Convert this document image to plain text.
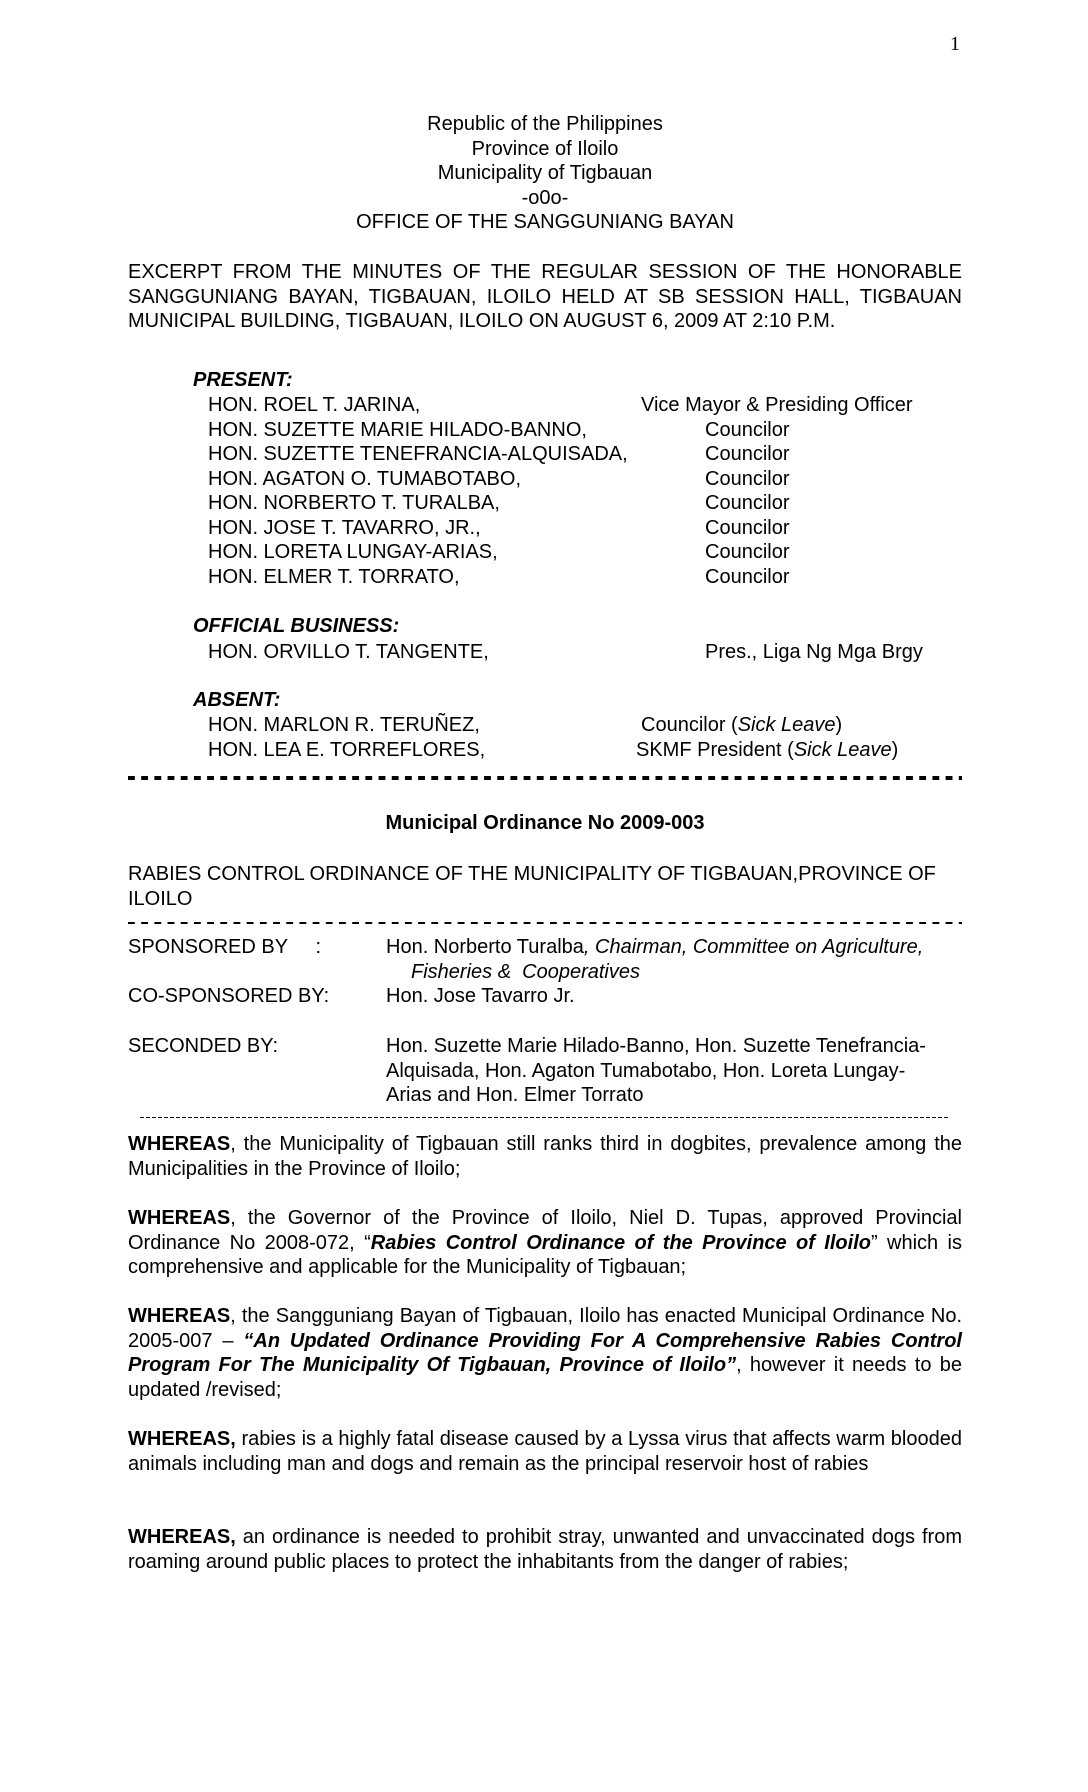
1
Republic of the Philippines
Province of Iloilo
Municipality of Tigbauan
-o0o-
OFFICE OF THE SANGGUNIANG BAYAN
EXCERPT FROM THE MINUTES OF THE REGULAR SESSION OF THE HONORABLE SANGGUNIANG BAYAN, TIGBAUAN, ILOILO HELD AT SB SESSION HALL, TIGBAUAN MUNICIPAL BUILDING, TIGBAUAN, ILOILO ON AUGUST 6, 2009 AT 2:10 P.M.
PRESENT:
HON. ROEL T. JARINA,	Vice Mayor & Presiding Officer
HON. SUZETTE MARIE HILADO-BANNO,	Councilor
HON. SUZETTE TENEFRANCIA-ALQUISADA,	Councilor
HON. AGATON O. TUMABOTABO,	Councilor
HON. NORBERTO T. TURALBA,	Councilor
HON. JOSE T. TAVARRO, JR.,	Councilor
HON. LORETA LUNGAY-ARIAS,	Councilor
HON. ELMER T. TORRATO,	Councilor
OFFICIAL BUSINESS:
HON. ORVILLO T. TANGENTE,	Pres., Liga Ng Mga Brgy
ABSENT:
HON. MARLON R. TERUÑEZ,	Councilor (Sick Leave)
HON. LEA E. TORREFLORES,	SKMF President (Sick Leave)
Municipal Ordinance No 2009-003
RABIES CONTROL ORDINANCE OF THE MUNICIPALITY OF TIGBAUAN,PROVINCE OF ILOILO
SPONSORED BY     :	Hon. Norberto Turalba, Chairman, Committee on Agriculture,
Fisheries &  Cooperatives
CO-SPONSORED BY:	Hon. Jose Tavarro Jr.
SECONDED BY:	Hon. Suzette Marie Hilado-Banno, Hon. Suzette Tenefrancia-Alquisada, Hon. Agaton Tumabotabo, Hon. Loreta Lungay-Arias and Hon. Elmer Torrato
WHEREAS, the Municipality of Tigbauan still ranks third in dogbites, prevalence among the Municipalities in the Province of Iloilo;
WHEREAS, the Governor of the Province of Iloilo, Niel D. Tupas, approved Provincial Ordinance No 2008-072, “Rabies Control Ordinance of the Province of Iloilo” which is comprehensive and applicable for the Municipality of Tigbauan;
WHEREAS, the Sangguniang Bayan of Tigbauan, Iloilo has enacted Municipal Ordinance No. 2005-007 – “An Updated Ordinance Providing For A Comprehensive Rabies Control Program For The Municipality Of Tigbauan, Province of Iloilo”, however it needs to be updated /revised;
WHEREAS, rabies is a highly fatal disease caused by a Lyssa virus that affects warm blooded animals including man and dogs and remain as the principal reservoir host of rabies
WHEREAS, an ordinance is needed to prohibit stray, unwanted and unvaccinated dogs from roaming around public places to protect the inhabitants from the danger of rabies;
